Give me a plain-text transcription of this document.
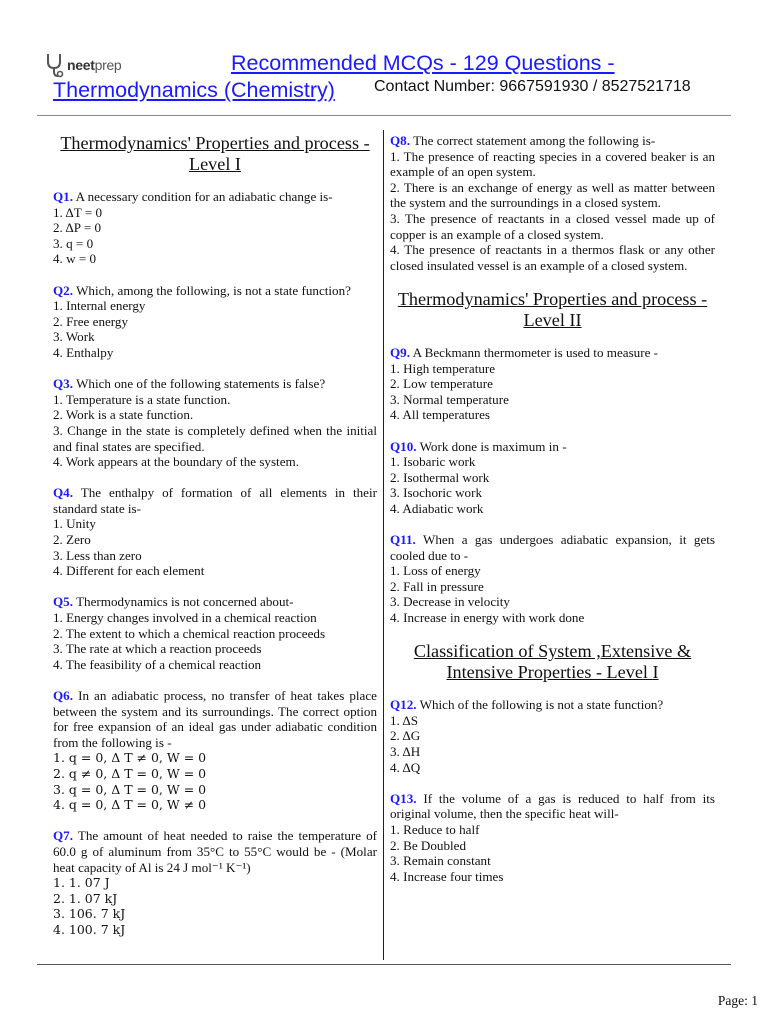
neetprep	Recommended MCQs - 129 Questions -
Thermodynamics (Chemistry) Contact Number: 9667591930 / 8527521718
Thermodynamics' Properties and process - Level I
Q1. A necessary condition for an adiabatic change is-
1. ΔT = 0
2. ΔP = 0
3. q = 0
4. w = 0
Q2. Which, among the following, is not a state function?
1. Internal energy
2. Free energy
3. Work
4. Enthalpy
Q3. Which one of the following statements is false?
1. Temperature is a state function.
2. Work is a state function.
3. Change in the state is completely defined when the initial and final states are specified.
4. Work appears at the boundary of the system.
Q4. The enthalpy of formation of all elements in their standard state is-
1. Unity
2. Zero
3. Less than zero
4. Different for each element
Q5. Thermodynamics is not concerned about-
1. Energy changes involved in a chemical reaction
2. The extent to which a chemical reaction proceeds
3. The rate at which a reaction proceeds
4. The feasibility of a chemical reaction
Q6. In an adiabatic process, no transfer of heat takes place between the system and its surroundings. The correct option for free expansion of an ideal gas under adiabatic condition from the following is -
1. q = 0, Δ T ≠ 0, W = 0
2. q ≠ 0, Δ T = 0, W = 0
3. q = 0, Δ T = 0, W = 0
4. q = 0, Δ T = 0, W ≠ 0
Q7. The amount of heat needed to raise the temperature of 60.0 g of aluminum from 35°C to 55°C would be - (Molar heat capacity of Al is 24 J mol⁻¹ K⁻¹)
1. 1. 07 J
2. 1. 07 kJ
3. 106. 7 kJ
4. 100. 7 kJ
Q8. The correct statement among the following is-
1. The presence of reacting species in a covered beaker is an example of an open system.
2. There is an exchange of energy as well as matter between the system and the surroundings in a closed system.
3. The presence of reactants in a closed vessel made up of copper is an example of a closed system.
4. The presence of reactants in a thermos flask or any other closed insulated vessel is an example of a closed system.
Thermodynamics' Properties and process - Level II
Q9. A Beckmann thermometer is used to measure -
1. High temperature
2. Low temperature
3. Normal temperature
4. All temperatures
Q10. Work done is maximum in -
1. Isobaric work
2. Isothermal work
3. Isochoric work
4. Adiabatic work
Q11. When a gas undergoes adiabatic expansion, it gets cooled due to -
1. Loss of energy
2. Fall in pressure
3. Decrease in velocity
4. Increase in energy with work done
Classification of System ,Extensive & Intensive Properties - Level I
Q12. Which of the following is not a state function?
1. ΔS
2. ΔG
3. ΔH
4. ΔQ
Q13. If the volume of a gas is reduced to half from its original volume, then the specific heat will-
1. Reduce to half
2. Be Doubled
3. Remain constant
4. Increase four times
Page: 1
